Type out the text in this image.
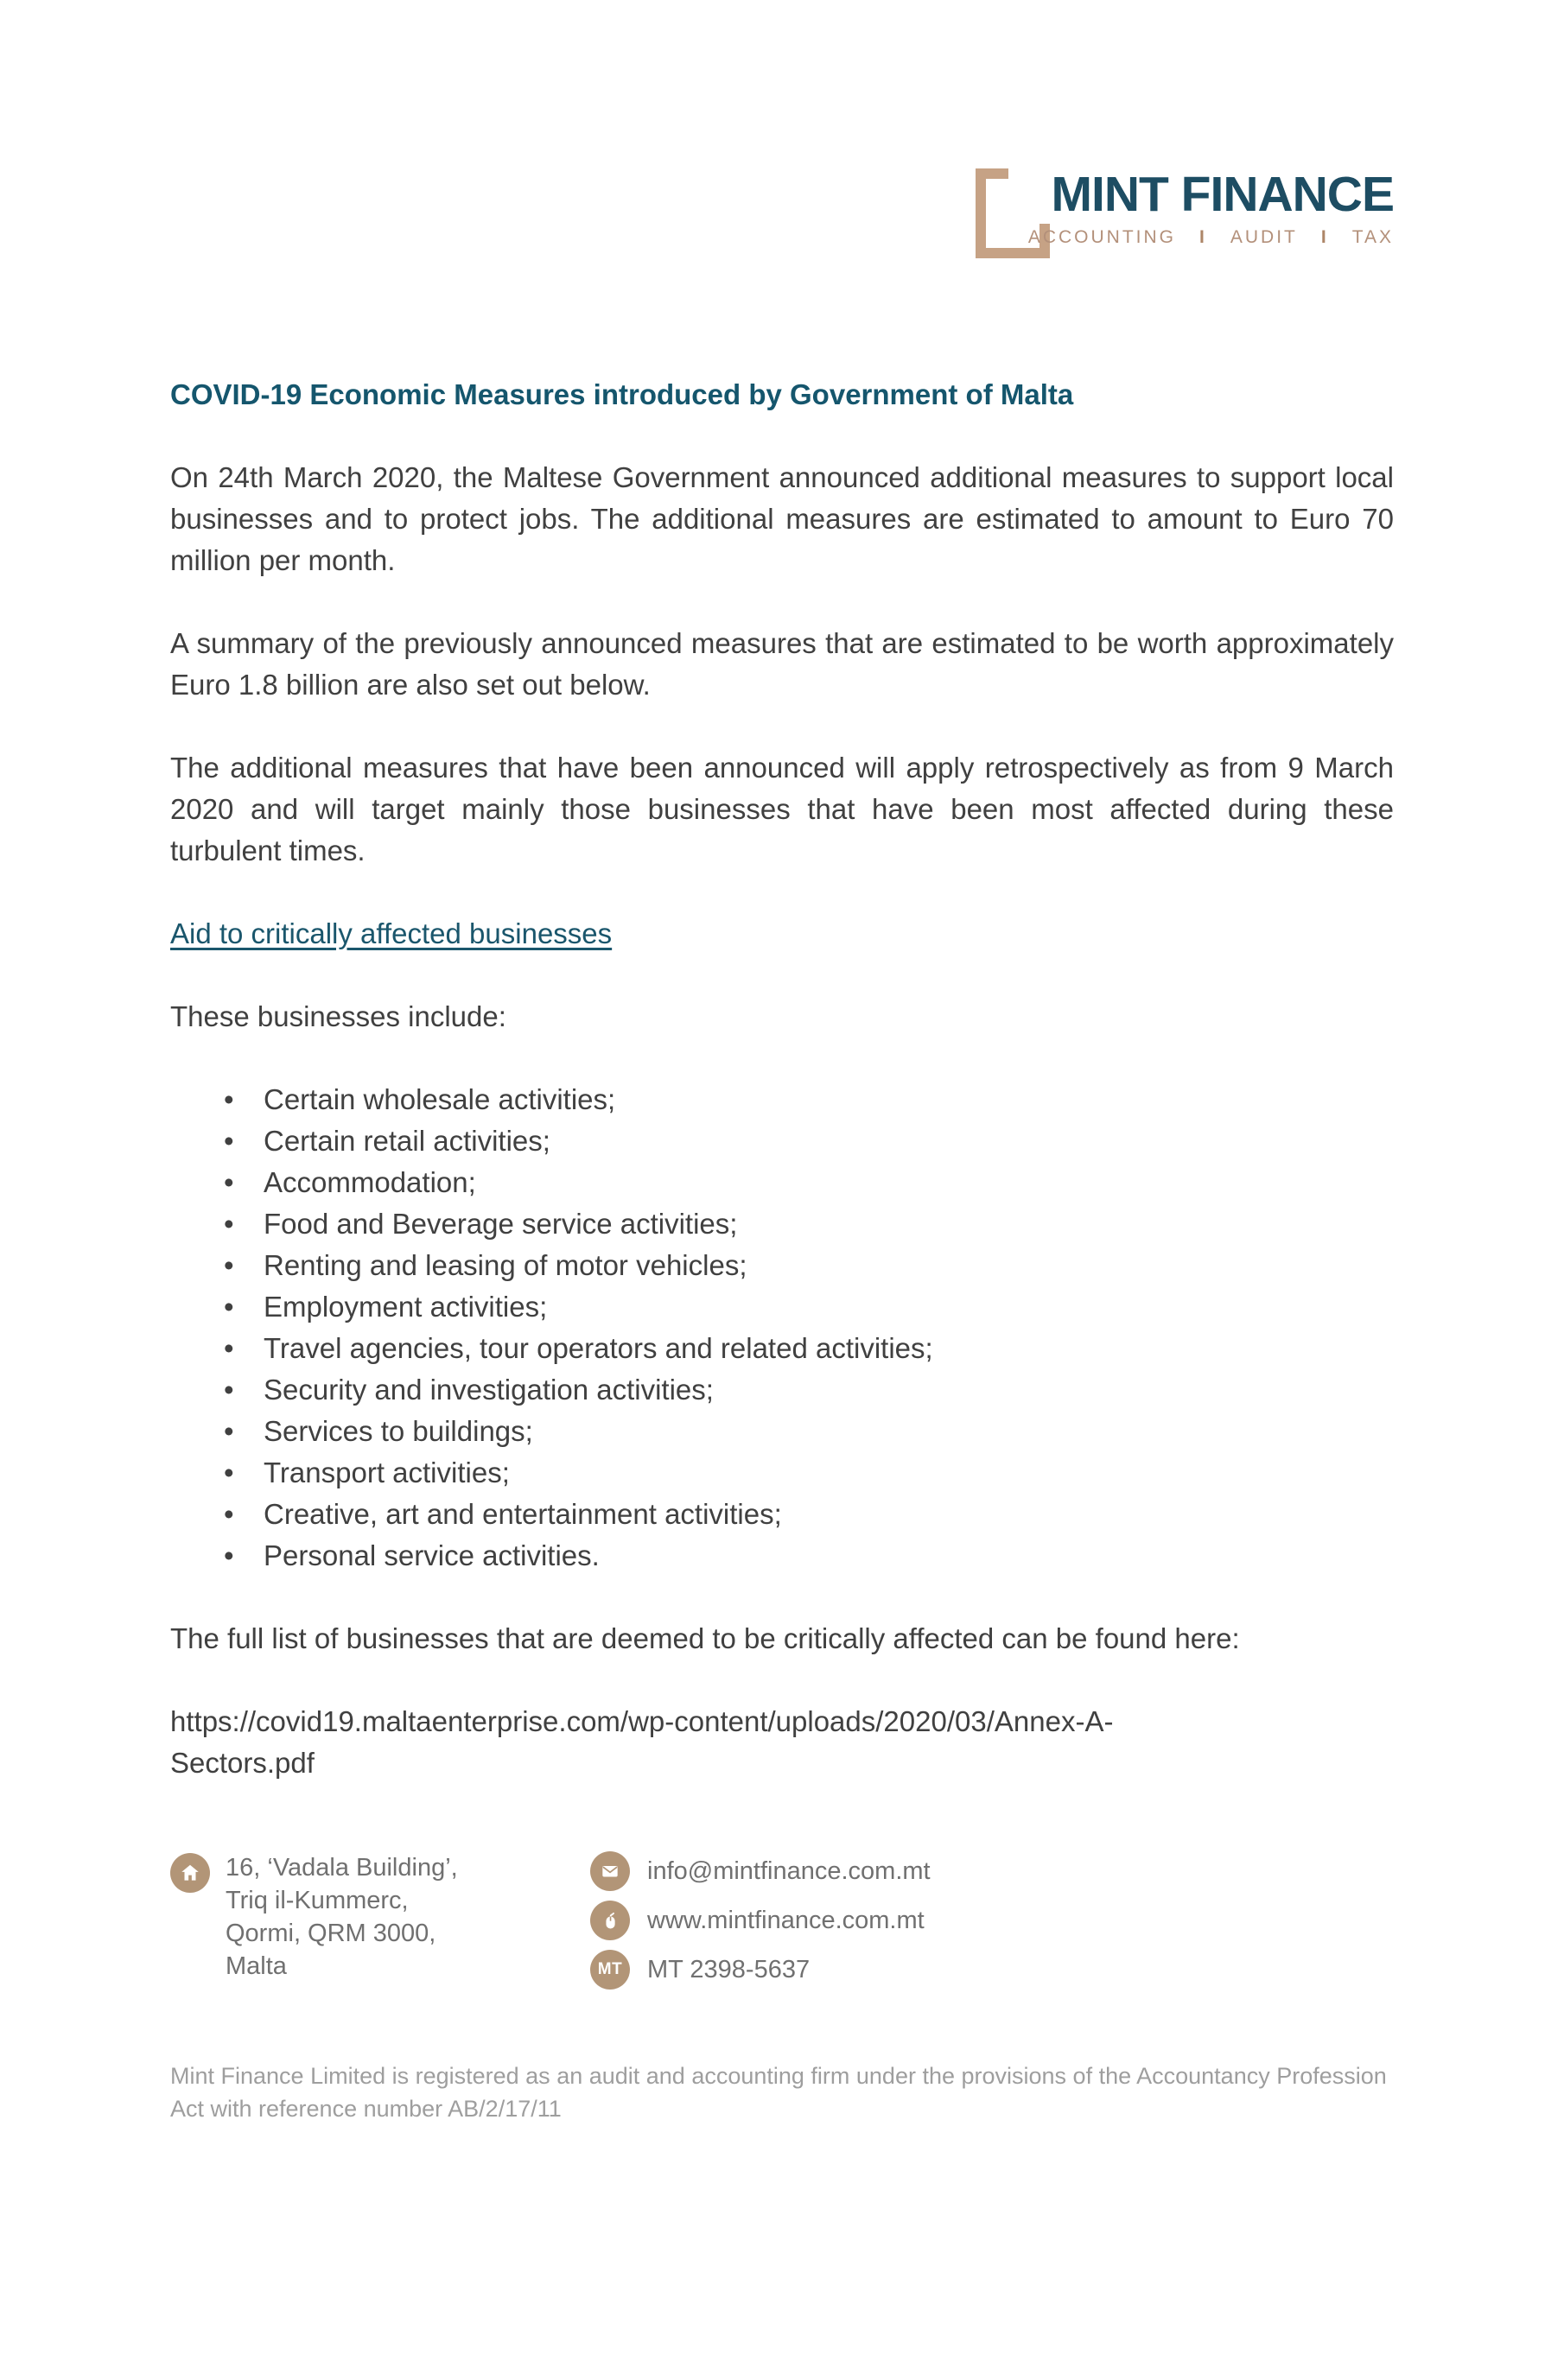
MINT FINANCE
ACCOUNTING I AUDIT I TAX
COVID-19 Economic Measures introduced by Government of Malta

On 24th March 2020, the Maltese Government announced additional measures to support local businesses and to protect jobs. The additional measures are estimated to amount to Euro 70 million per month.

A summary of the previously announced measures that are estimated to be worth approximately Euro 1.8 billion are also set out below.

The additional measures that have been announced will apply retrospectively as from 9 March 2020 and will target mainly those businesses that have been most affected during these turbulent times.

Aid to critically affected businesses

These businesses include:

•	Certain wholesale activities;
•	Certain retail activities;
•	Accommodation;
•	Food and Beverage service activities;
•	Renting and leasing of motor vehicles;
•	Employment activities;
•	Travel agencies, tour operators and related activities;
•	Security and investigation activities;
•	Services to buildings;
•	Transport activities;
•	Creative, art and entertainment activities;
•	Personal service activities.

The full list of businesses that are deemed to be critically affected can be found here:

https://covid19.maltaenterprise.com/wp-content/uploads/2020/03/Annex-A-
Sectors.pdf

16, ‘Vadala Building’,
Triq il-Kummerc,
Qormi, QRM 3000,
Malta
info@mintfinance.com.mt
www.mintfinance.com.mt
MT MT 2398-5637

Mint Finance Limited is registered as an audit and accounting firm under the provisions of the Accountancy Profession Act with reference number AB/2/17/11
